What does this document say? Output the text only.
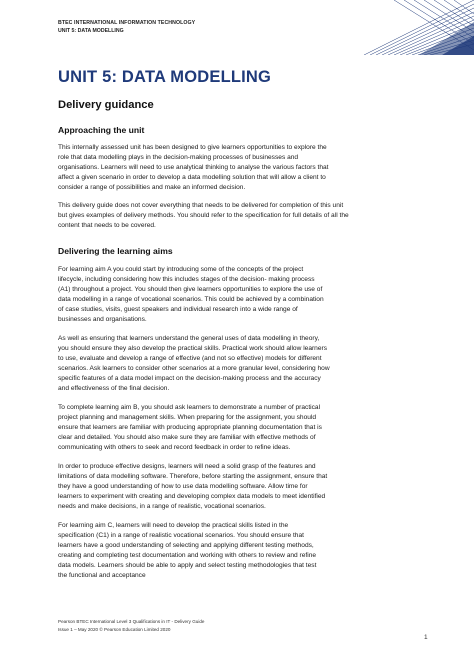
BTEC INTERNATIONAL INFORMATION TECHNOLOGY
UNIT 5: DATA MODELLING
UNIT 5: DATA MODELLING
Delivery guidance
Approaching the unit
This internally assessed unit has been designed to give learners opportunities to explore the
role that data modelling plays in the decision-making processes of businesses and
organisations. Learners will need to use analytical thinking to analyse the various factors that
affect a given scenario in order to develop a data modelling solution that will allow a client to
consider a range of possibilities and make an informed decision.
This delivery guide does not cover everything that needs to be delivered for completion of this unit
but gives examples of delivery methods. You should refer to the specification for full details of all the
content that needs to be covered.
Delivering the learning aims
For learning aim A you could start by introducing some of the concepts of the project
lifecycle, including considering how this includes stages of the decision- making process
(A1) throughout a project. You should then give learners opportunities to explore the use of
data modelling in a range of vocational scenarios. This could be achieved by a combination
of case studies, visits, guest speakers and individual research into a wide range of
businesses and organisations.
As well as ensuring that learners understand the general uses of data modelling in theory,
you should ensure they also develop the practical skills. Practical work should allow learners
to use, evaluate and develop a range of effective (and not so effective) models for different
scenarios. Ask learners to consider other scenarios at a more granular level, considering how
specific features of a data model impact on the decision-making process and the accuracy
and effectiveness of the final decision.
To complete learning aim B, you should ask learners to demonstrate a number of practical
project planning and management skills. When preparing for the assignment, you should
ensure that learners are familiar with producing appropriate planning documentation that is
clear and detailed. You should also make sure they are familiar with effective methods of
communicating with others to seek and record feedback in order to refine ideas.
In order to produce effective designs, learners will need a solid grasp of the features and
limitations of data modelling software. Therefore, before starting the assignment, ensure that
they have a good understanding of how to use data modelling software. Allow time for
learners to experiment with creating and developing complex data models to meet identified
needs and make decisions, in a range of realistic, vocational scenarios.
For learning aim C, learners will need to develop the practical skills listed in the
specification (C1) in a range of realistic vocational scenarios. You should ensure that
learners have a good understanding of selecting and applying different testing methods,
creating and completing test documentation and working with others to review and refine
data models. Learners should be able to apply and select testing methodologies that test
the functional and acceptance
Pearson BTEC International Level 3 Qualifications in IT - Delivery Guide
Issue 1 – May 2020 © Pearson Education Limited 2020
1
